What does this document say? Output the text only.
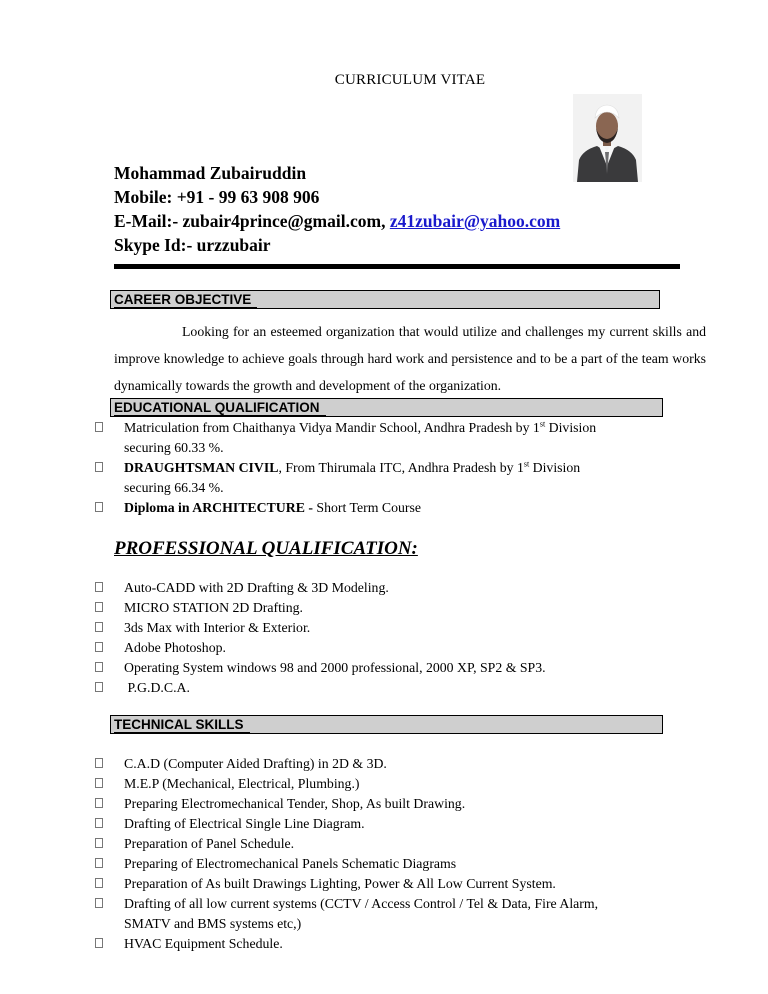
CURRICULUM VITAE
Mohammad Zubairuddin
Mobile: +91 - 99 63 908 906
E-Mail:- zubair4prince@gmail.com, z41zubair@yahoo.com
Skype Id:- urzzubair
CAREER OBJECTIVE

Looking for an esteemed organization that would utilize and challenges my current skills and improve knowledge to achieve goals through hard work and persistence and to be a part of the team works dynamically towards the growth and development of the organization.

EDUCATIONAL QUALIFICATION
Matriculation from Chaithanya Vidya Mandir School, Andhra Pradesh by 1st Division
securing 60.33 %.
DRAUGHTSMAN CIVIL, From Thirumala ITC, Andhra Pradesh by 1st Division
securing 66.34 %.
Diploma in ARCHITECTURE - Short Term Course
PROFESSIONAL QUALIFICATION:
Auto-CADD with 2D Drafting & 3D Modeling.
MICRO STATION 2D Drafting.
3ds Max with Interior & Exterior.
Adobe Photoshop.
Operating System windows 98 and 2000 professional, 2000 XP, SP2 & SP3.
P.G.D.C.A.
TECHNICAL SKILLS
C.A.D (Computer Aided Drafting) in 2D & 3D.
M.E.P (Mechanical, Electrical, Plumbing.)
Preparing Electromechanical Tender, Shop, As built Drawing.
Drafting of Electrical Single Line Diagram.
Preparation of Panel Schedule.
Preparing of Electromechanical Panels Schematic Diagrams
Preparation of As built Drawings Lighting, Power & All Low Current System.
Drafting of all low current systems (CCTV / Access Control / Tel & Data, Fire Alarm,
SMATV and BMS systems etc,)
HVAC Equipment Schedule.
